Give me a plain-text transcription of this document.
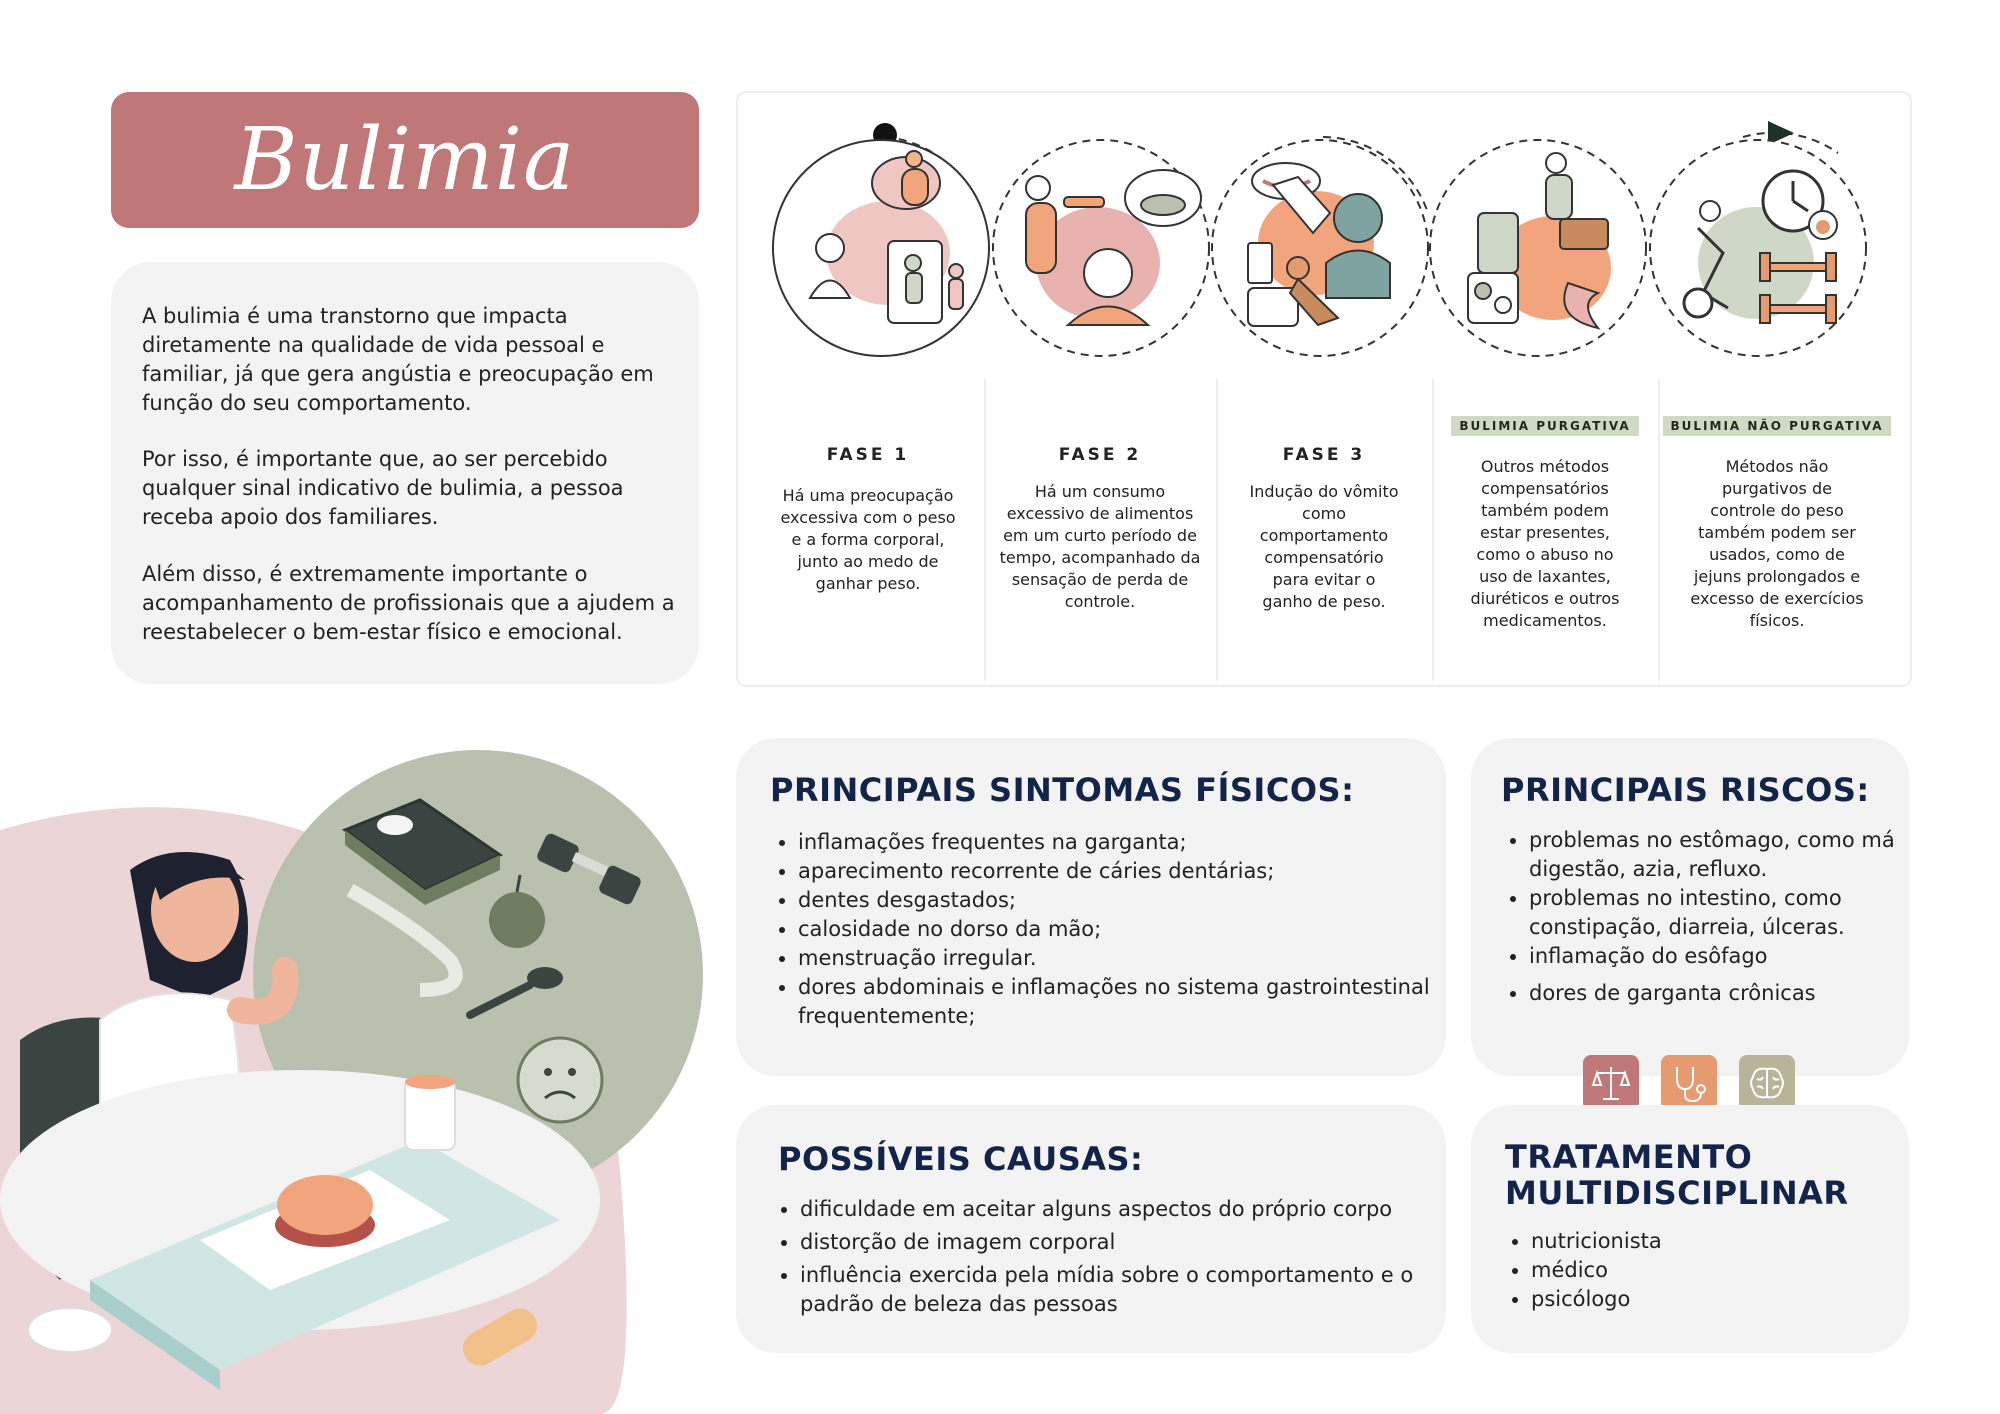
Bulimia

A bulimia é uma transtorno que impacta diretamente na qualidade de vida pessoal e familiar, já que gera angústia e preocupação em função do seu comportamento.

Por isso, é importante que, ao ser percebido qualquer sinal indicativo de bulimia, a pessoa receba apoio dos familiares.

Além disso, é extremamente importante o acompanhamento de profissionais que a ajudem a reestabelecer o bem-estar físico e emocional.

FASE 1

Há uma preocupação excessiva com o peso e a forma corporal, junto ao medo de ganhar peso.

FASE 2

Há um consumo excessivo de alimentos em um curto período de tempo, acompanhado da sensação de perda de controle.

FASE 3

Indução do vômito como comportamento compensatório para evitar o ganho de peso.

BULIMIA PURGATIVA

Outros métodos compensatórios também podem estar presentes, como o abuso no uso de laxantes, diuréticos e outros medicamentos.

BULIMIA NÃO PURGATIVA

Métodos não purgativos de controle do peso também podem ser usados, como de jejuns prolongados e excesso de exercícios físicos.

PRINCIPAIS SINTOMAS FÍSICOS:
• inflamações frequentes na garganta;
• aparecimento recorrente de cáries dentárias;
• dentes desgastados;
• calosidade no dorso da mão;
• menstruação irregular.
• dores abdominais e inflamações no sistema gastrointestinal frequentemente;
PRINCIPAIS RISCOS:
• problemas no estômago, como má digestão, azia, refluxo.
• problemas no intestino, como constipação, diarreia, úlceras.
• inflamação do esôfago
• dores de garganta crônicas
POSSÍVEIS CAUSAS:
• dificuldade em aceitar alguns aspectos do próprio corpo
• distorção de imagem corporal
• influência exercida pela mídia sobre o comportamento e o padrão de beleza das pessoas
TRATAMENTO MULTIDISCIPLINAR
• nutricionista
• médico
• psicólogo
